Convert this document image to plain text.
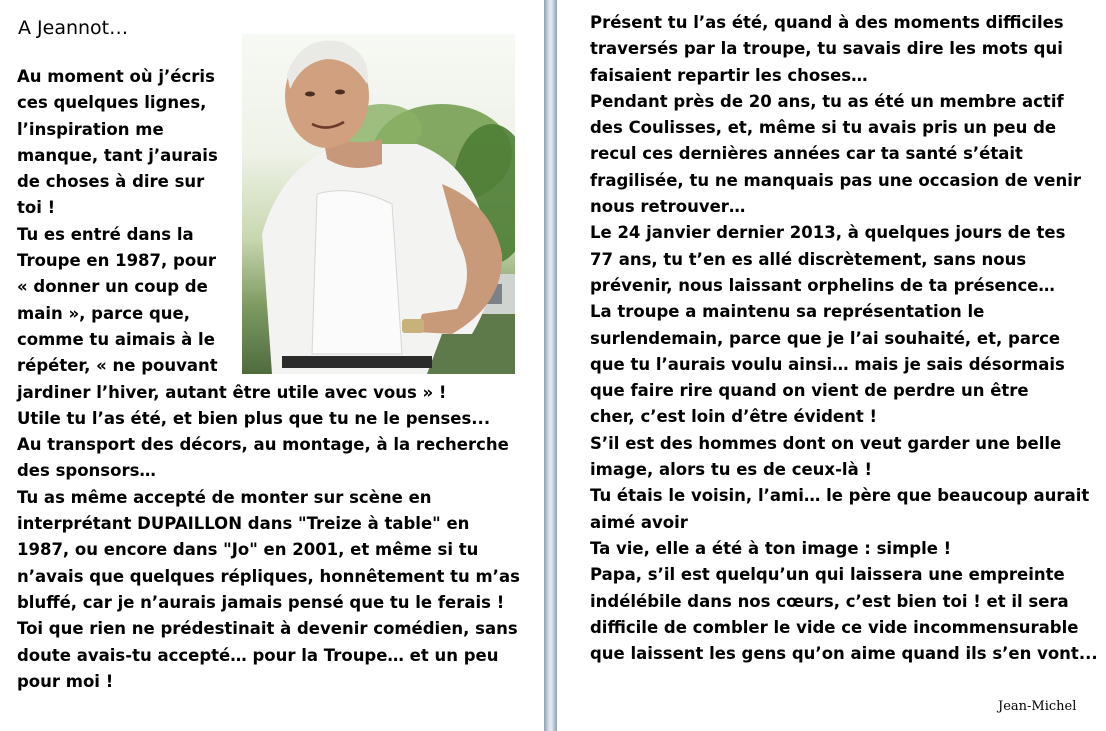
A Jeannot…
Au moment où j’écris
ces quelques lignes,
l’inspiration me
manque, tant j’aurais
de choses à dire sur
toi !
Tu es entré dans la
Troupe en 1987, pour
« donner un coup de
main », parce que,
comme tu aimais à le
répéter, « ne pouvant
jardiner l’hiver, autant être utile avec vous » !
Utile tu l’as été, et bien plus que tu ne le penses...
Au transport des décors, au montage, à la recherche
des sponsors…
Tu as même accepté de monter sur scène en
interprétant DUPAILLON dans "Treize à table" en
1987, ou encore dans "Jo" en 2001, et même si tu
n’avais que quelques répliques, honnêtement tu m’as
bluffé, car je n’aurais jamais pensé que tu le ferais !
Toi que rien ne prédestinait à devenir comédien, sans
doute avais-tu accepté… pour la Troupe… et un peu
pour moi !
Présent tu l’as été, quand à des moments difficiles
traversés par la troupe, tu savais dire les mots qui
faisaient repartir les choses…
Pendant près de 20 ans, tu as été un membre actif
des Coulisses, et, même si tu avais pris un peu de
recul ces dernières années car ta santé s’était
fragilisée, tu ne manquais pas une occasion de venir
nous retrouver…
Le 24 janvier dernier 2013, à quelques jours de tes
77 ans, tu t’en es allé discrètement, sans nous
prévenir, nous laissant orphelins de ta présence…
La troupe a maintenu sa représentation le
surlendemain, parce que je l’ai souhaité, et, parce
que tu l’aurais voulu ainsi… mais je sais désormais
que faire rire quand on vient de perdre un être
cher, c’est loin d’être évident !
S’il est des hommes dont on veut garder une belle
image, alors tu es de ceux-là !
Tu étais le voisin, l’ami… le père que beaucoup aurait
aimé avoir
Ta vie, elle a été à ton image : simple !
Papa, s’il est quelqu’un qui laissera une empreinte
indélébile dans nos cœurs, c’est bien toi ! et il sera
difficile de combler le vide ce vide incommensurable
que laissent les gens qu’on aime quand ils s’en vont...
Jean-Michel
